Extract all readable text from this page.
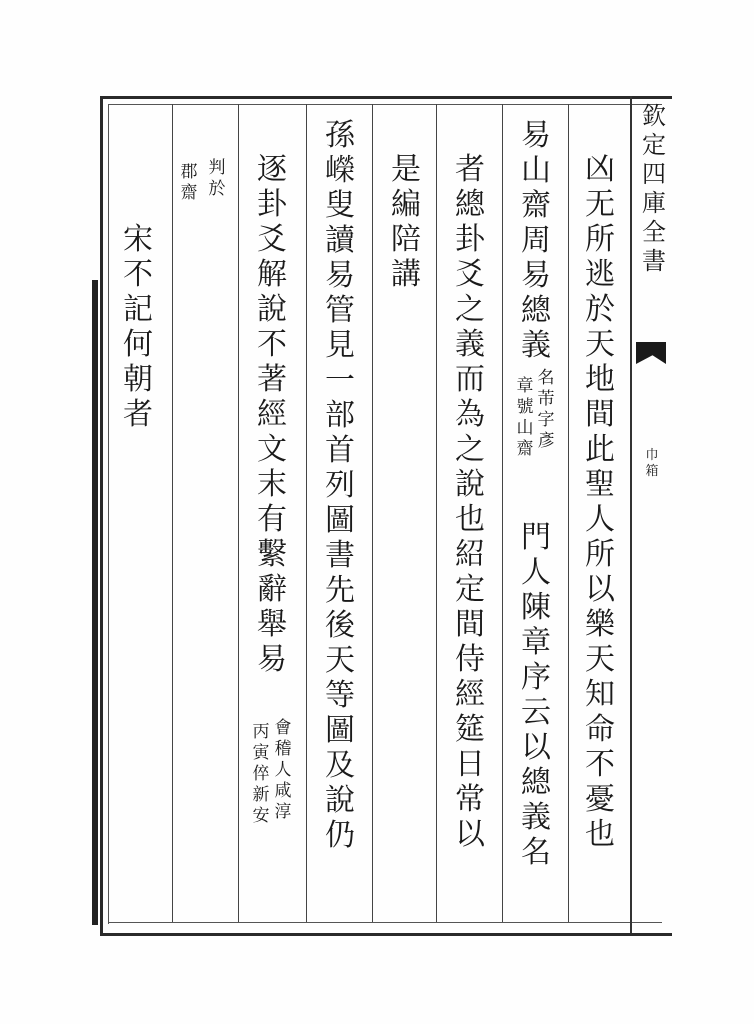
欽定四庫全書
巾箱
凶无所逃於天地間此聖人所以樂天知命不憂也
易山齋周易總義
名芾字彥
章號山齋
門人陳章序云以總義名
者總卦爻之義而為之說也紹定間侍經筵日常以
是編陪講
孫嶸叟讀易管見一部首列圖書先後天等圖及說仍
逐卦爻解說不著經文末有繫辭舉易
會稽人咸淳
丙寅倅新安
判於
郡齋
宋不記何朝者
